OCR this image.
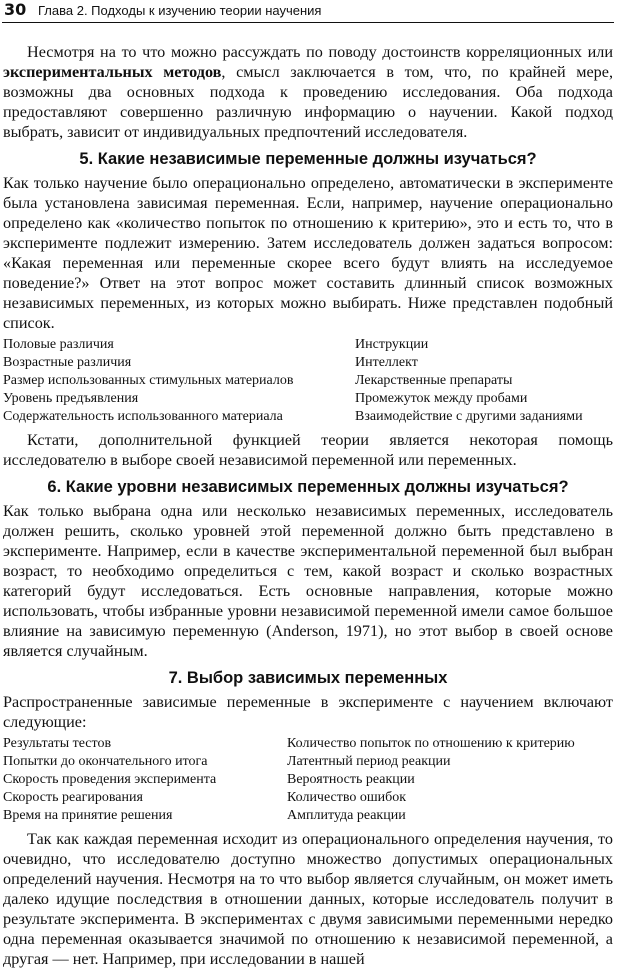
30 Глава 2. Подходы к изучению теории научения

Несмотря на то что можно рассуждать по поводу достоинств корреляционных или экспериментальных методов, смысл заключается в том, что, по крайней мере, возможны два основных подхода к проведению исследования. Оба подхода предоставляют совершенно различную информацию о научении. Какой подход выбрать, зависит от индивидуальных предпочтений исследователя.

5. Какие независимые переменные должны изучаться?

Как только научение было операционально определено, автоматически в эксперименте была установлена зависимая переменная. Если, например, научение операционально определено как «количество попыток по отношению к критерию», это и есть то, что в эксперименте подлежит измерению. Затем исследователь должен задаться вопросом: «Какая переменная или переменные скорее всего будут влиять на исследуемое поведение?» Ответ на этот вопрос может составить длинный список возможных независимых переменных, из которых можно выбирать. Ниже представлен подобный список.

Половые различия
Возрастные различия
Размер использованных стимульных материалов
Уровень предъявления
Содержательность использованного материала
Инструкции
Интеллект
Лекарственные препараты
Промежуток между пробами
Взаимодействие с другими заданиями

Кстати, дополнительной функцией теории является некоторая помощь исследователю в выборе своей независимой переменной или переменных.

6. Какие уровни независимых переменных должны изучаться?

Как только выбрана одна или несколько независимых переменных, исследователь должен решить, сколько уровней этой переменной должно быть представлено в эксперименте. Например, если в качестве экспериментальной переменной был выбран возраст, то необходимо определиться с тем, какой возраст и сколько возрастных категорий будут исследоваться. Есть основные направления, которые можно использовать, чтобы избранные уровни независимой переменной имели самое большое влияние на зависимую переменную (Anderson, 1971), но этот выбор в своей основе является случайным.

7. Выбор зависимых переменных

Распространенные зависимые переменные в эксперименте с научением включают следующие:

Результаты тестов
Попытки до окончательного итога
Скорость проведения эксперимента
Скорость реагирования
Время на принятие решения
Количество попыток по отношению к критерию
Латентный период реакции
Вероятность реакции
Количество ошибок
Амплитуда реакции

Так как каждая переменная исходит из операционального определения научения, то очевидно, что исследователю доступно множество допустимых операциональных определений научения. Несмотря на то что выбор является случайным, он может иметь далеко идущие последствия в отношении данных, которые исследователь получит в результате эксперимента. В экспериментах с двумя зависимыми переменными нередко одна переменная оказывается значимой по отношению к независимой переменной, а другая — нет. Например, при исследовании в нашей
